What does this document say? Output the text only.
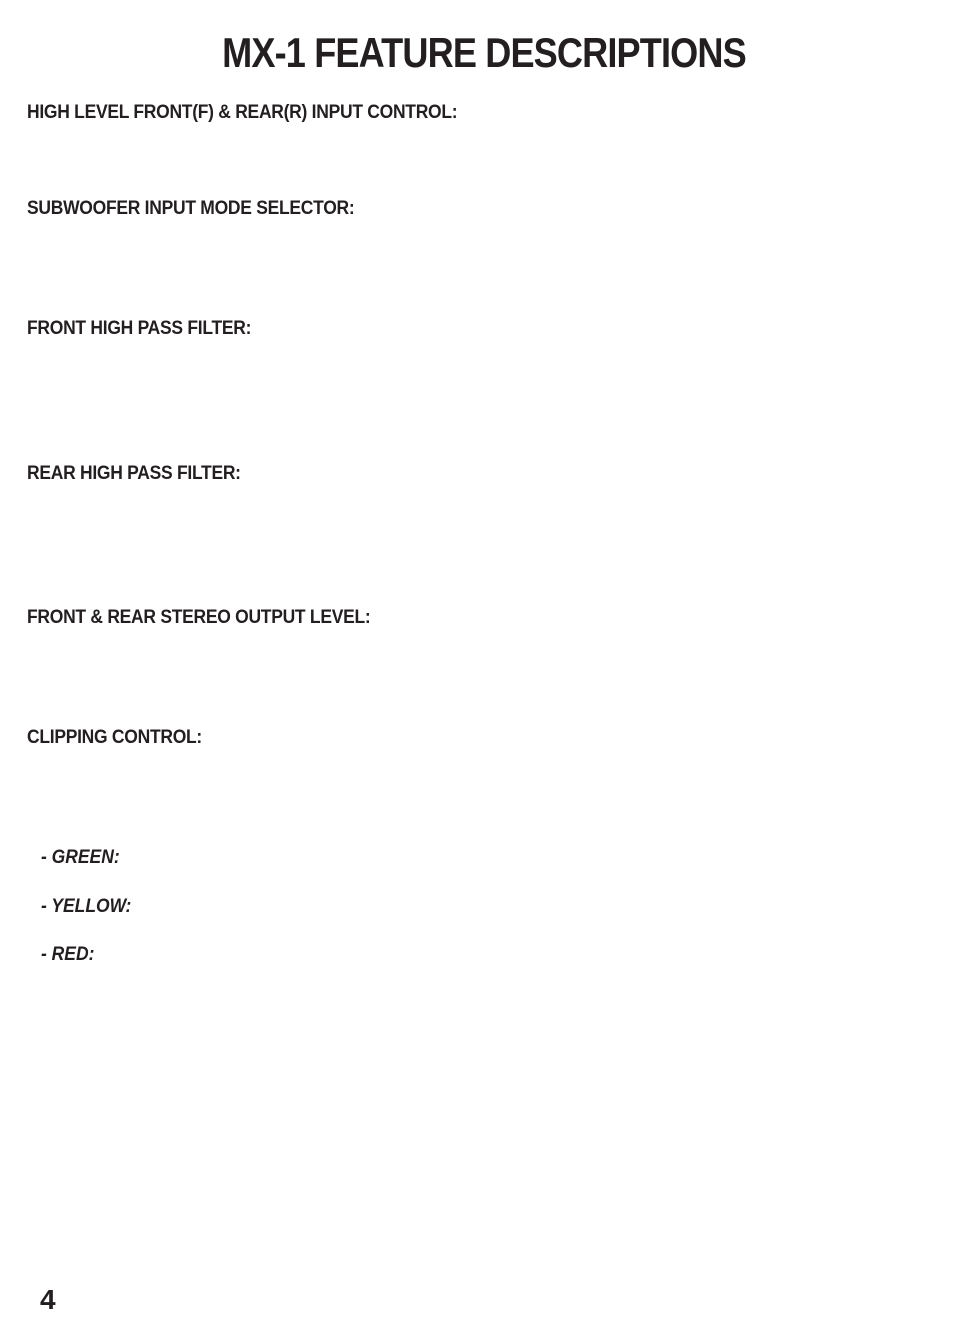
MX-1 FEATURE DESCRIPTIONS
HIGH LEVEL FRONT(F) & REAR(R) INPUT CONTROL:
SUBWOOFER INPUT MODE SELECTOR:
FRONT HIGH PASS FILTER:
REAR HIGH PASS FILTER:
FRONT & REAR STEREO OUTPUT LEVEL:
CLIPPING CONTROL:

- GREEN:

- YELLOW:

- RED:

4
